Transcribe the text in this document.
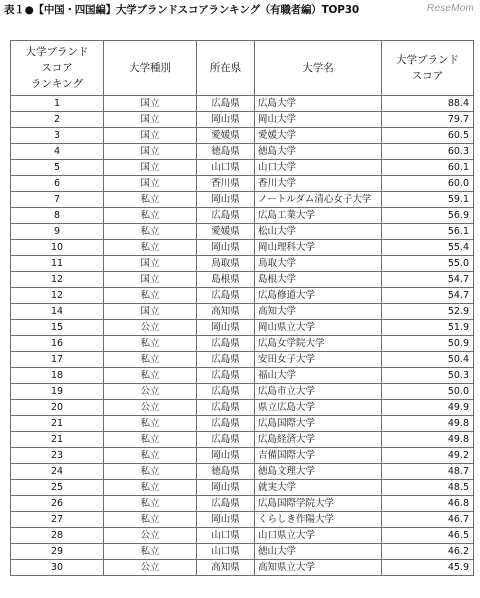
表１●【中国・四国編】大学ブランドスコアランキング（有職者編）TOP30	ReseMom
大学ブランド
スコア
ランキング	大学種別	所在県	大学名	大学ブランド
スコア
1	国立	広島県	広島大学	88.4
2	国立	岡山県	岡山大学	79.7
3	国立	愛媛県	愛媛大学	60.5
4	国立	徳島県	徳島大学	60.3
5	国立	山口県	山口大学	60.1
6	国立	香川県	香川大学	60.0
7	私立	岡山県	ノートルダム清心女子大学	59.1
8	私立	広島県	広島工業大学	56.9
9	私立	愛媛県	松山大学	56.1
10	私立	岡山県	岡山理科大学	55.4
11	国立	鳥取県	鳥取大学	55.0
12	国立	島根県	島根大学	54.7
12	私立	広島県	広島修道大学	54.7
14	国立	高知県	高知大学	52.9
15	公立	岡山県	岡山県立大学	51.9
16	私立	広島県	広島女学院大学	50.9
17	私立	広島県	安田女子大学	50.4
18	私立	広島県	福山大学	50.3
19	公立	広島県	広島市立大学	50.0
20	公立	広島県	県立広島大学	49.9
21	私立	広島県	広島国際大学	49.8
21	私立	広島県	広島経済大学	49.8
23	私立	岡山県	吉備国際大学	49.2
24	私立	徳島県	徳島文理大学	48.7
25	私立	岡山県	就実大学	48.5
26	私立	広島県	広島国際学院大学	46.8
27	私立	岡山県	くらしき作陽大学	46.7
28	公立	山口県	山口県立大学	46.5
29	私立	山口県	徳山大学	46.2
30	公立	高知県	高知県立大学	45.9
